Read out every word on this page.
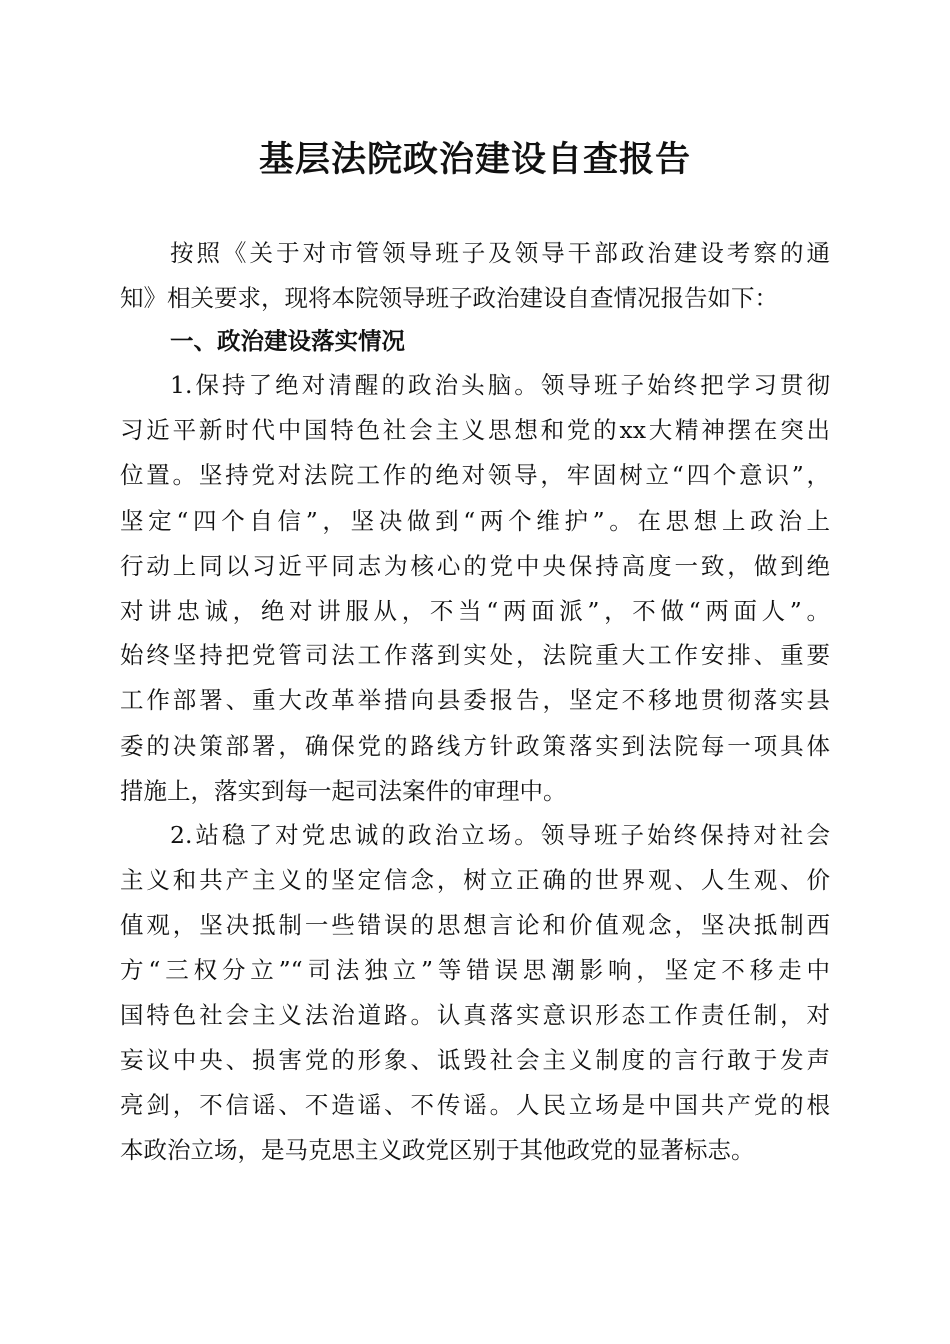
基层法院政治建设自查报告

按照《关于对市管领导班子及领导干部政治建设考察的通

知》相关要求，现将本院领导班子政治建设自查情况报告如下：

一、政治建设落实情况

1.保持了绝对清醒的政治头脑。领导班子始终把学习贯彻

习近平新时代中国特色社会主义思想和党的xx大精神摆在突出

位置。坚持党对法院工作的绝对领导，牢固树立“四个意识”，

坚定“四个自信”，坚决做到“两个维护”。在思想上政治上

行动上同以习近平同志为核心的党中央保持高度一致，做到绝

对讲忠诚，绝对讲服从，不当“两面派”，不做“两面人”。

始终坚持把党管司法工作落到实处，法院重大工作安排、重要

工作部署、重大改革举措向县委报告，坚定不移地贯彻落实县

委的决策部署，确保党的路线方针政策落实到法院每一项具体

措施上，落实到每一起司法案件的审理中。

2.站稳了对党忠诚的政治立场。领导班子始终保持对社会

主义和共产主义的坚定信念，树立正确的世界观、人生观、价

值观，坚决抵制一些错误的思想言论和价值观念，坚决抵制西

方“三权分立”“司法独立”等错误思潮影响，坚定不移走中

国特色社会主义法治道路。认真落实意识形态工作责任制，对

妄议中央、损害党的形象、诋毁社会主义制度的言行敢于发声

亮剑，不信谣、不造谣、不传谣。人民立场是中国共产党的根

本政治立场，是马克思主义政党区别于其他政党的显著标志。
